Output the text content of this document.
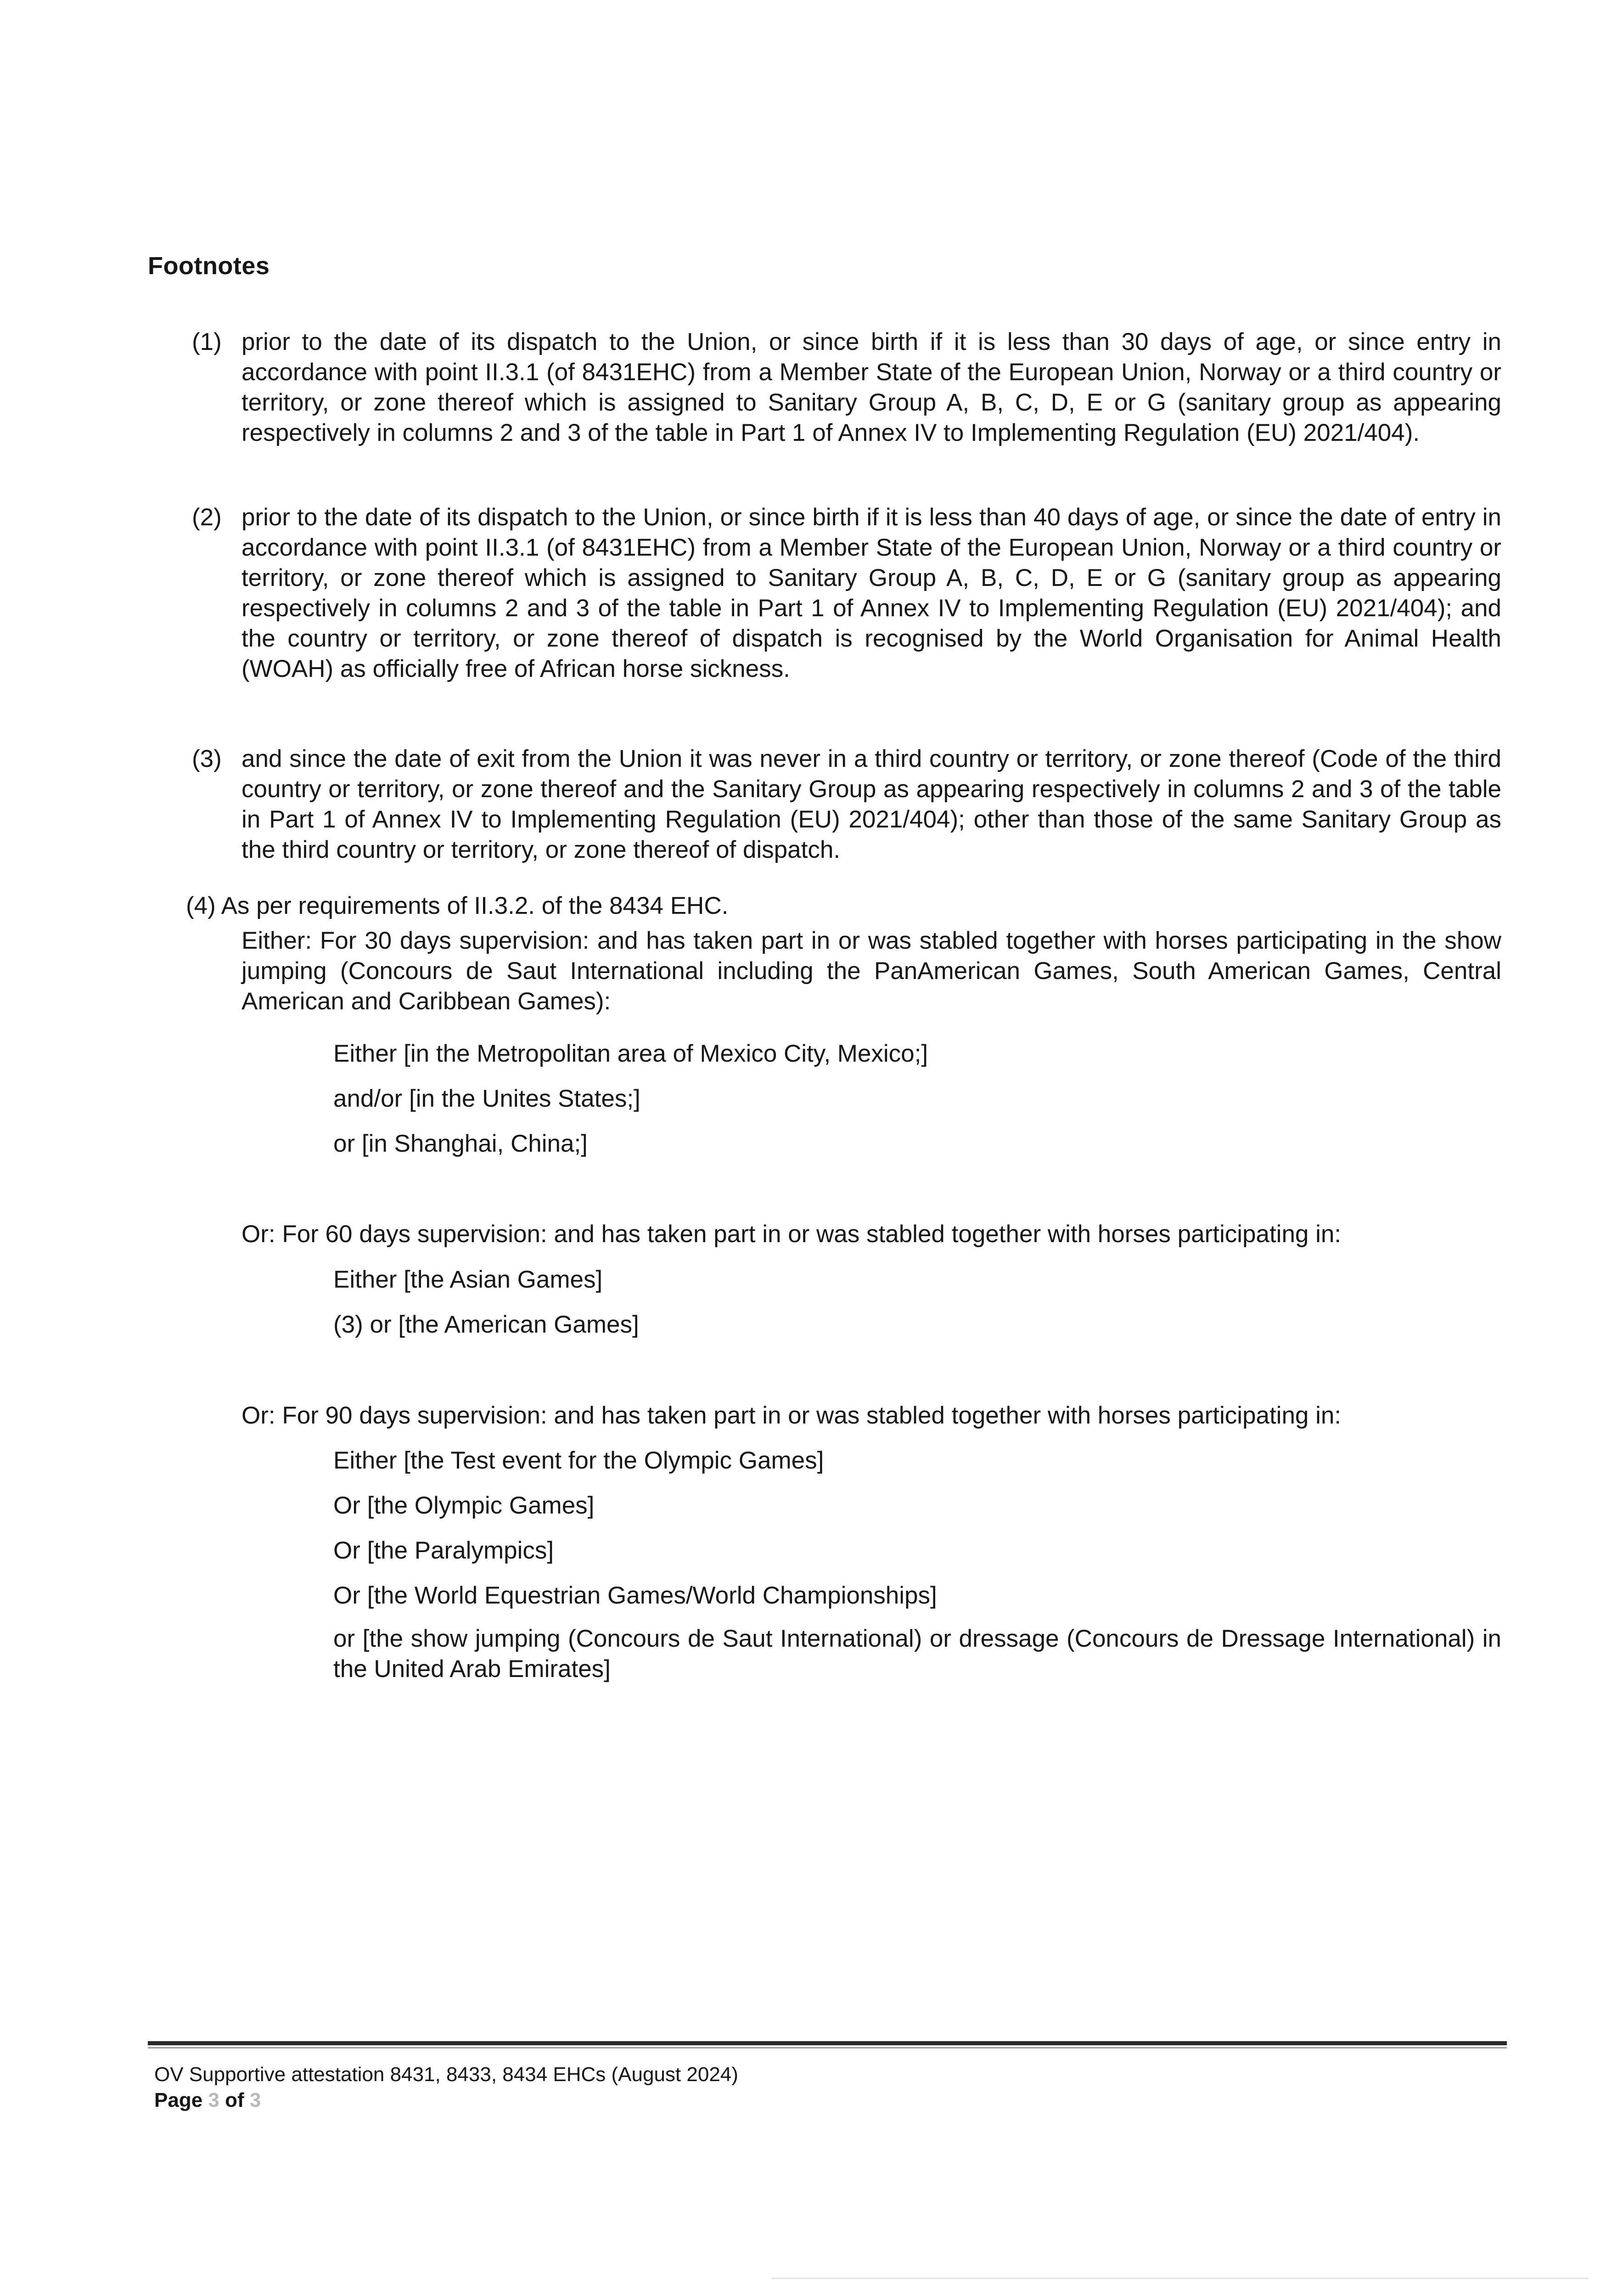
Footnotes
(1) prior to the date of its dispatch to the Union, or since birth if it is less than 30 days of age, or since entry in accordance with point II.3.1 (of 8431EHC) from a Member State of the European Union, Norway or a third country or territory, or zone thereof which is assigned to Sanitary Group A, B, C, D, E or G (sanitary group as appearing respectively in columns 2 and 3 of the table in Part 1 of Annex IV to Implementing Regulation (EU) 2021/404).
(2) prior to the date of its dispatch to the Union, or since birth if it is less than 40 days of age, or since the date of entry in accordance with point II.3.1 (of 8431EHC) from a Member State of the European Union, Norway or a third country or territory, or zone thereof which is assigned to Sanitary Group A, B, C, D, E or G (sanitary group as appearing respectively in columns 2 and 3 of the table in Part 1 of Annex IV to Implementing Regulation (EU) 2021/404); and the country or territory, or zone thereof of dispatch is recognised by the World Organisation for Animal Health (WOAH) as officially free of African horse sickness.
(3) and since the date of exit from the Union it was never in a third country or territory, or zone thereof (Code of the third country or territory, or zone thereof and the Sanitary Group as appearing respectively in columns 2 and 3 of the table in Part 1 of Annex IV to Implementing Regulation (EU) 2021/404); other than those of the same Sanitary Group as the third country or territory, or zone thereof of dispatch.
(4) As per requirements of II.3.2. of the 8434 EHC.
Either: For 30 days supervision: and has taken part in or was stabled together with horses participating in the show jumping (Concours de Saut International including the PanAmerican Games, South American Games, Central American and Caribbean Games):
Either [in the Metropolitan area of Mexico City, Mexico;]
and/or [in the Unites States;]
or [in Shanghai, China;]
Or: For 60 days supervision: and has taken part in or was stabled together with horses participating in:
Either [the Asian Games]
(3) or [the American Games]
Or: For 90 days supervision: and has taken part in or was stabled together with horses participating in:
Either [the Test event for the Olympic Games]
Or [the Olympic Games]
Or [the Paralympics]
Or [the World Equestrian Games/World Championships]
or [the show jumping (Concours de Saut International) or dressage (Concours de Dressage International) in the United Arab Emirates]
OV Supportive attestation 8431, 8433, 8434 EHCs (August 2024)
Page 3 of 3
